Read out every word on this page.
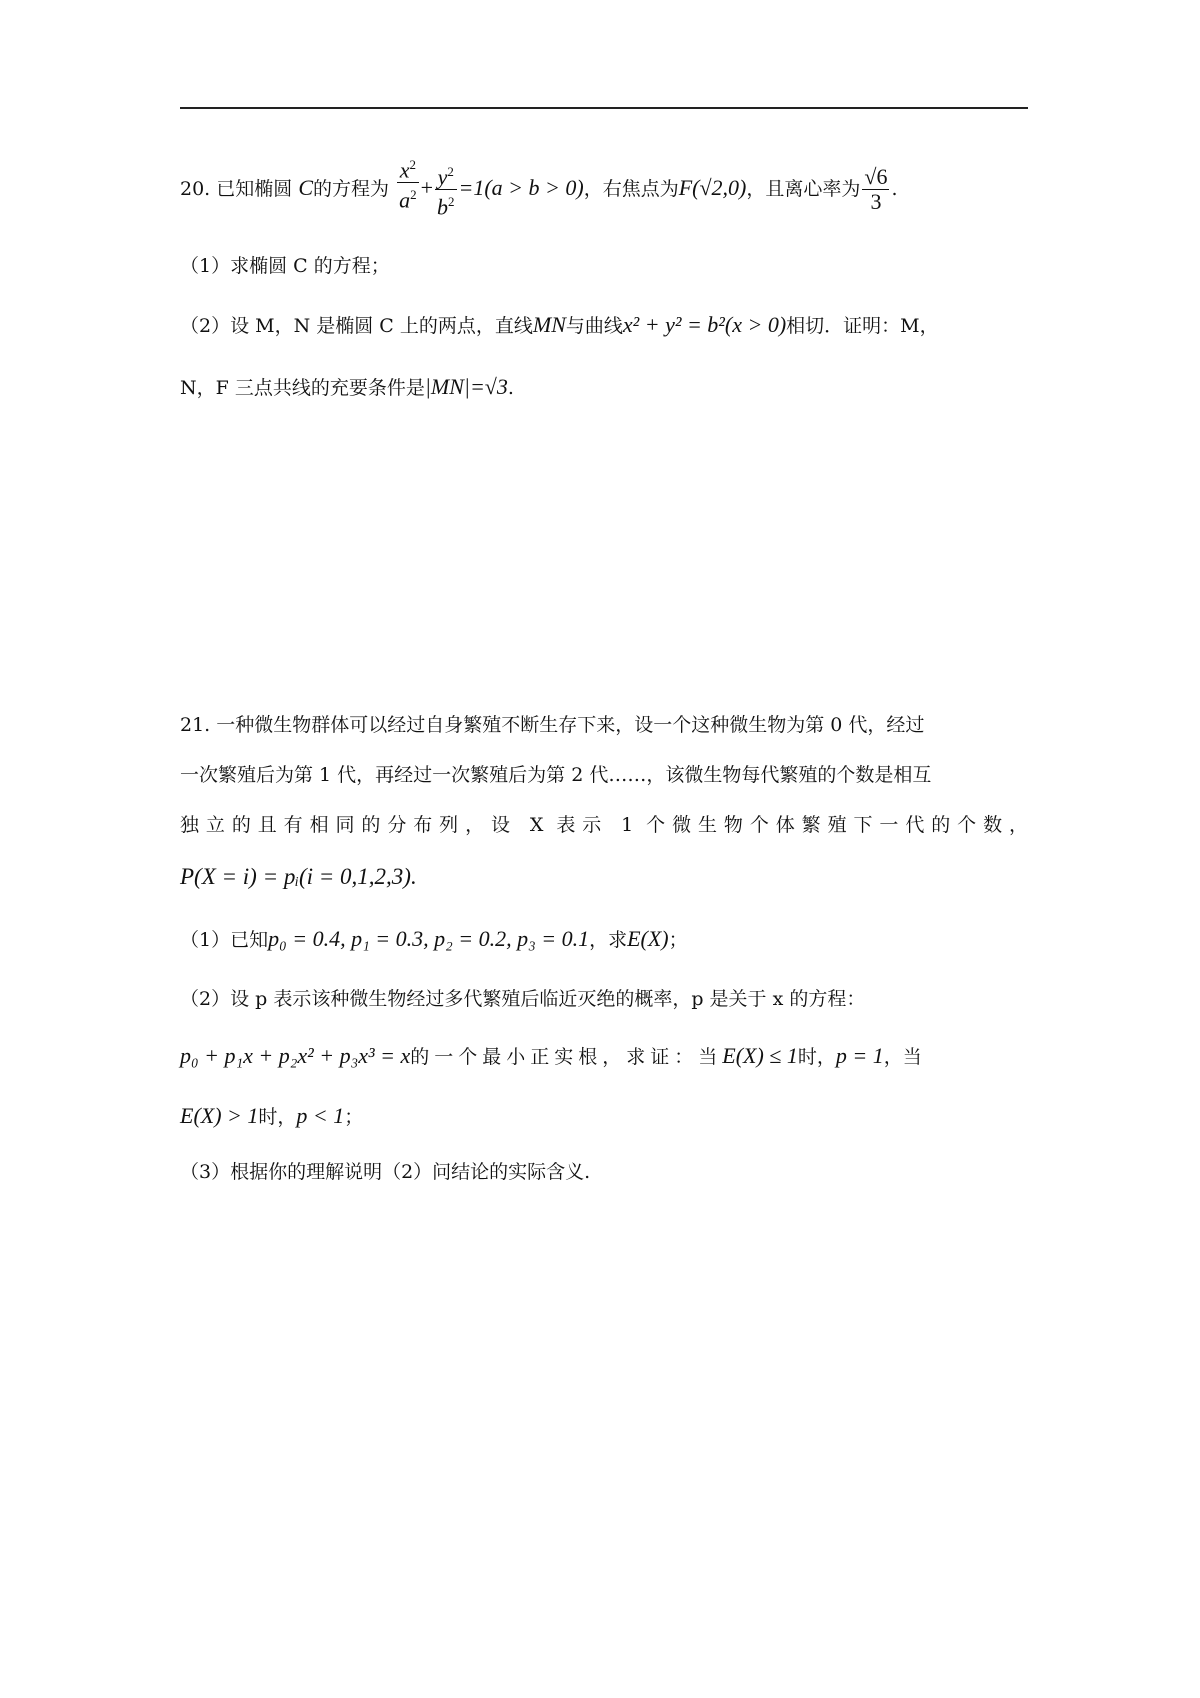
20. 已知椭圆 C的方程为 $\frac{x^2}{a^2} + \frac{y^2}{b^2} =1(a > b > 0)$，右焦点为F(√2,0)，且离心率为 $\frac{√6}{3}$ .
（1）求椭圆 C 的方程；
（2）设 M，N 是椭圆 C 上的两点，直线MN与曲线x² + y² = b²(x > 0)相切．证明：M，
N，F 三点共线的充要条件是|MN|=√3.
21. 一种微生物群体可以经过自身繁殖不断生存下来，设一个这种微生物为第 0 代，经过
一次繁殖后为第 1 代，再经过一次繁殖后为第 2 代……，该微生物每代繁殖的个数是相互
独立的且有相同的分布列，设 X 表示 1 个微生物个体繁殖下一代的个数，
P(X = i) = pᵢ(i = 0,1,2,3).
（1）已知p₀ = 0.4, p₁ = 0.3, p₂ = 0.2, p₃ = 0.1，求E(X)；
（2）设 p 表示该种微生物经过多代繁殖后临近灭绝的概率，p 是关于 x 的方程：
p₀ + p₁x + p₂x² + p₃x³ = x的一个最小正实根，求证：当E(X) ≤ 1时，p = 1，当
E(X) > 1时，p < 1；
（3）根据你的理解说明（2）问结论的实际含义.
